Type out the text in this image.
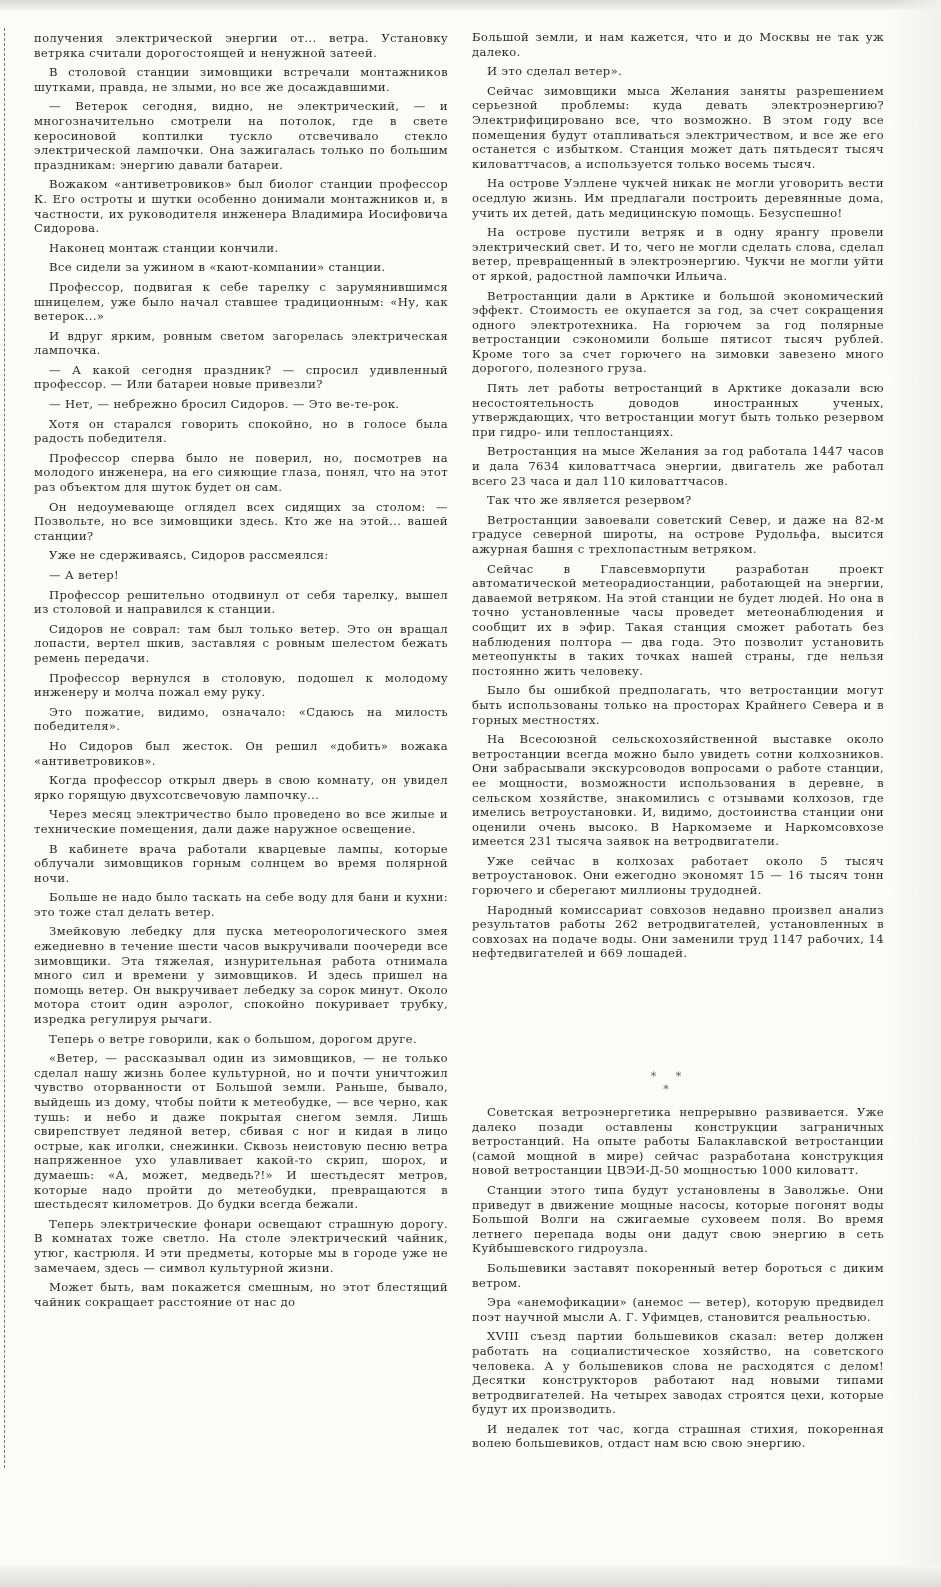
получения электрической энергии от... ветра. Установку ветряка считали дорогостоящей и ненужной затеей.

В столовой станции зимовщики встречали монтажников шутками, правда, не злыми, но все же досаждавшими.

— Ветерок сегодня, видно, не электрический, — и многозначительно смотрели на потолок, где в свете керосиновой коптилки тускло отсвечивало стекло электрической лампочки. Она зажигалась только по большим праздникам: энергию давали батареи.

Вожаком «антиветровиков» был биолог станции профессор К. Его остроты и шутки особенно донимали монтажников и, в частности, их руководителя инженера Владимира Иосифовича Сидорова.

Наконец монтаж станции кончили.

Все сидели за ужином в «кают-компании» станции.

Профессор, подвигая к себе тарелку с зарумянившимся шницелем, уже было начал ставшее традиционным: «Ну, как ветерок...»

И вдруг ярким, ровным светом загорелась электрическая лампочка.

— А какой сегодня праздник? — спросил удивленный профессор. — Или батареи новые привезли?

— Нет, — небрежно бросил Сидоров. — Это ве-те-рок.

Хотя он старался говорить спокойно, но в голосе была радость победителя.

Профессор сперва было не поверил, но, посмотрев на молодого инженера, на его сияющие глаза, понял, что на этот раз объектом для шуток будет он сам.

Он недоумевающе оглядел всех сидящих за столом: — Позвольте, но все зимовщики здесь. Кто же на этой... вашей станции?

Уже не сдерживаясь, Сидоров рассмеялся:

— А ветер!

Профессор решительно отодвинул от себя тарелку, вышел из столовой и направился к станции.

Сидоров не соврал: там был только ветер. Это он вращал лопасти, вертел шкив, заставляя с ровным шелестом бежать ремень передачи.

Профессор вернулся в столовую, подошел к молодому инженеру и молча пожал ему руку.

Это пожатие, видимо, означало: «Сдаюсь на милость победителя».

Но Сидоров был жесток. Он решил «добить» вожака «антиветровиков».

Когда профессор открыл дверь в свою комнату, он увидел ярко горящую двухсотсвечовую лампочку...

Через месяц электричество было проведено во все жилые и технические помещения, дали даже наружное освещение.

В кабинете врача работали кварцевые лампы, которые облучали зимовщиков горным солнцем во время полярной ночи.

Больше не надо было таскать на себе воду для бани и кухни: это тоже стал делать ветер.

Змейковую лебедку для пуска метеорологического змея ежедневно в течение шести часов выкручивали поочереди все зимовщики. Эта тяжелая, изнурительная работа отнимала много сил и времени у зимовщиков. И здесь пришел на помощь ветер. Он выкручивает лебедку за сорок минут. Около мотора стоит один аэролог, спокойно покуривает трубку, изредка регулируя рычаги.

Теперь о ветре говорили, как о большом, дорогом друге.

«Ветер, — рассказывал один из зимовщиков, — не только сделал нашу жизнь более культурной, но и почти уничтожил чувство оторванности от Большой земли. Раньше, бывало, выйдешь из дому, чтобы пойти к метеобудке, — все черно, как тушь: и небо и даже покрытая снегом земля. Лишь свирепствует ледяной ветер, сбивая с ног и кидая в лицо острые, как иголки, снежинки. Сквозь неистовую песню ветра напряженное ухо улавливает какой-то скрип, шорох, и думаешь: «А, может, медведь?!» И шестьдесят метров, которые надо пройти до метеобудки, превращаются в шестьдесят километров. До будки всегда бежали.

Теперь электрические фонари освещают страшную дорогу. В комнатах тоже светло. На столе электрический чайник, утюг, кастрюля. И эти предметы, которые мы в городе уже не замечаем, здесь — символ культурной жизни.

Может быть, вам покажется смешным, но этот блестящий чайник сокращает расстояние от нас до

Большой земли, и нам кажется, что и до Москвы не так уж далеко.

И это сделал ветер».

Сейчас зимовщики мыса Желания заняты разрешением серьезной проблемы: куда девать электроэнергию? Электрифицировано все, что возможно. В этом году все помещения будут отапливаться электричеством, и все же его останется с избытком. Станция может дать пятьдесят тысяч киловаттчасов, а используется только восемь тысяч.

На острове Уэллене чукчей никак не могли уговорить вести оседлую жизнь. Им предлагали построить деревянные дома, учить их детей, дать медицинскую помощь. Безуспешно!

На острове пустили ветряк и в одну ярангу провели электрический свет. И то, чего не могли сделать слова, сделал ветер, превращенный в электроэнергию. Чукчи не могли уйти от яркой, радостной лампочки Ильича.

Ветростанции дали в Арктике и большой экономический эффект. Стоимость ее окупается за год, за счет сокращения одного электротехника. На горючем за год полярные ветростанции сэкономили больше пятисот тысяч рублей. Кроме того за счет горючего на зимовки завезено много дорогого, полезного груза.

Пять лет работы ветростанций в Арктике доказали всю несостоятельность доводов иностранных ученых, утверждающих, что ветростанции могут быть только резервом при гидро- или теплостанциях.

Ветростанция на мысе Желания за год работала 1447 часов и дала 7634 киловаттчаса энергии, двигатель же работал всего 23 часа и дал 110 киловаттчасов.

Так что же является резервом?

Ветростанции завоевали советский Север, и даже на 82-м градусе северной широты, на острове Рудольфа, высится ажурная башня с трехлопастным ветряком.

Сейчас в Главсевморпути разработан проект автоматической метеорадиостанции, работающей на энергии, даваемой ветряком. На этой станции не будет людей. Но она в точно установленные часы проведет метеонаблюдения и сообщит их в эфир. Такая станция сможет работать без наблюдения полтора — два года. Это позволит установить метеопункты в таких точках нашей страны, где нельзя постоянно жить человеку.

Было бы ошибкой предполагать, что ветростанции могут быть использованы только на просторах Крайнего Севера и в горных местностях.

На Всесоюзной сельскохозяйственной выставке около ветростанции всегда можно было увидеть сотни колхозников. Они забрасывали экскурсоводов вопросами о работе станции, ее мощности, возможности использования в деревне, в сельском хозяйстве, знакомились с отзывами колхозов, где имелись ветроустановки. И, видимо, достоинства станции они оценили очень высоко. В Наркомземе и Наркомсовхозе имеется 231 тысяча заявок на ветродвигатели.

Уже сейчас в колхозах работает около 5 тысяч ветроустановок. Они ежегодно экономят 15 — 16 тысяч тонн горючего и сберегают миллионы трудодней.

Народный комиссариат совхозов недавно произвел анализ результатов работы 262 ветродвигателей, установленных в совхозах на подаче воды. Они заменили труд 1147 рабочих, 14 нефтедвигателей и 669 лошадей.

* * *

Советская ветроэнергетика непрерывно развивается. Уже далеко позади оставлены конструкции заграничных ветростанций. На опыте работы Балаклавской ветростанции (самой мощной в мире) сейчас разработана конструкция новой ветростанции ЦВЭИ-Д-50 мощностью 1000 киловатт.

Станции этого типа будут установлены в Заволжье. Они приведут в движение мощные насосы, которые погонят воды Большой Волги на сжигаемые суховеем поля. Во время летнего перепада воды они дадут свою энергию в сеть Куйбышевского гидроузла.

Большевики заставят покоренный ветер бороться с диким ветром.

Эра «анемофикации» (анемос — ветер), которую предвидел поэт научной мысли А. Г. Уфимцев, становится реальностью.

XVIII съезд партии большевиков сказал: ветер должен работать на социалистическое хозяйство, на советского человека. А у большевиков слова не расходятся с делом! Десятки конструкторов работают над новыми типами ветродвигателей. На четырех заводах строятся цехи, которые будут их производить.

И недалек тот час, когда страшная стихия, покоренная волею большевиков, отдаст нам всю свою энергию.
